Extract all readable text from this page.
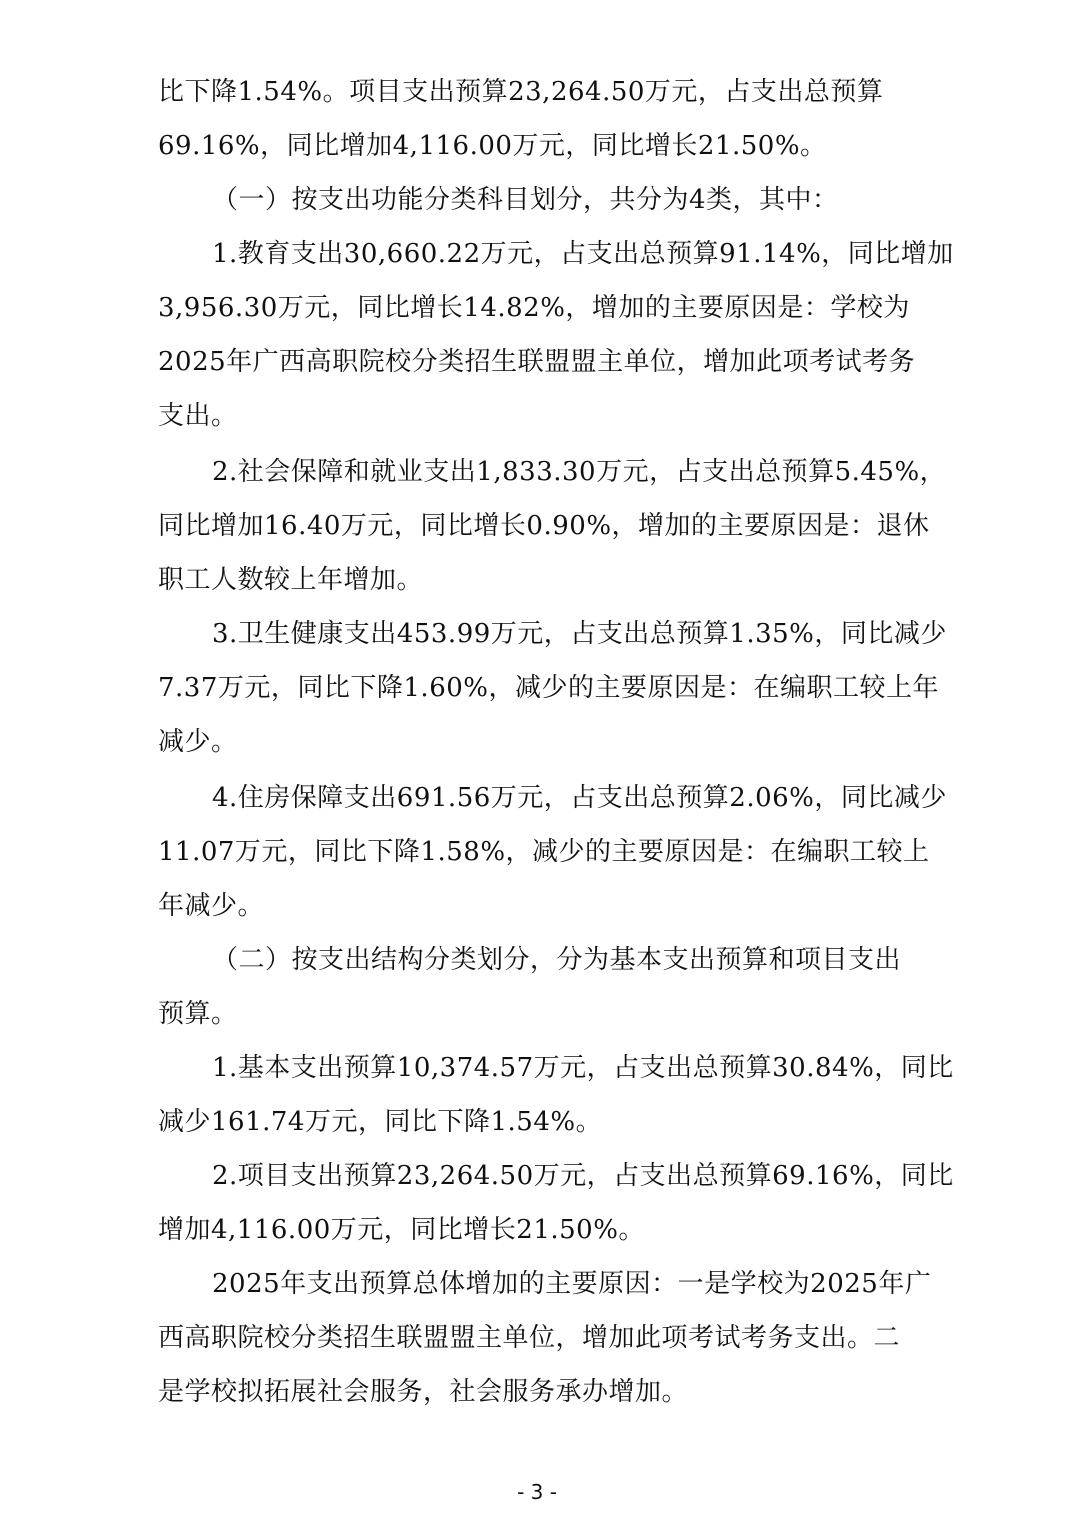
比下降1.54%。项目支出预算23,264.50万元，占支出总预算
69.16%，同比增加4,116.00万元，同比增长21.50%。
（一）按支出功能分类科目划分，共分为4类，其中：
1.教育支出30,660.22万元，占支出总预算91.14%，同比增加
3,956.30万元，同比增长14.82%，增加的主要原因是：学校为
2025年广西高职院校分类招生联盟盟主单位，增加此项考试考务
支出。
2.社会保障和就业支出1,833.30万元，占支出总预算5.45%，
同比增加16.40万元，同比增长0.90%，增加的主要原因是：退休
职工人数较上年增加。
3.卫生健康支出453.99万元，占支出总预算1.35%，同比减少
7.37万元，同比下降1.60%，减少的主要原因是：在编职工较上年
减少。
4.住房保障支出691.56万元，占支出总预算2.06%，同比减少
11.07万元，同比下降1.58%，减少的主要原因是：在编职工较上
年减少。
（二）按支出结构分类划分，分为基本支出预算和项目支出
预算。
1.基本支出预算10,374.57万元，占支出总预算30.84%，同比
减少161.74万元，同比下降1.54%。
2.项目支出预算23,264.50万元，占支出总预算69.16%，同比
增加4,116.00万元，同比增长21.50%。
2025年支出预算总体增加的主要原因：一是学校为2025年广
西高职院校分类招生联盟盟主单位，增加此项考试考务支出。二
是学校拟拓展社会服务，社会服务承办增加。
- 3 -
